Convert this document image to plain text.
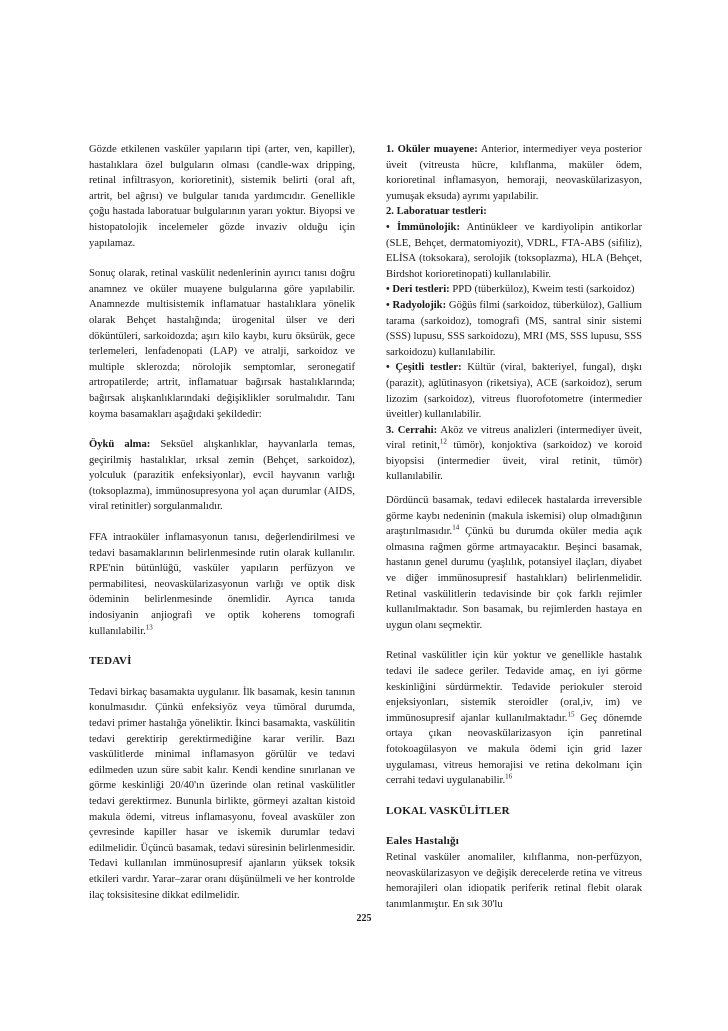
Gözde etkilenen vasküler yapıların tipi (arter, ven, kapiller), hastalıklara özel bulguların olması (candle-wax dripping, retinal infiltrasyon, korioretinit), sistemik belirti (oral aft, artrit, bel ağrısı) ve bulgular tanıda yardımcıdır. Genellikle çoğu hastada laboratuar bulgularının yararı yoktur. Biyopsi ve histopatolojik incelemeler gözde invaziv olduğu için yapılamaz.

Sonuç olarak, retinal vaskülit nedenlerinin ayırıcı tanısı doğru anamnez ve oküler muayene bulgularına göre yapılabilir. Anamnezde multisistemik inflamatuar hastalıklara yönelik olarak Behçet hastalığında; ürogenital ülser ve deri döküntüleri, sarkoidozda; aşırı kilo kaybı, kuru öksürük, gece terlemeleri, lenfadenopati (LAP) ve atralji, sarkoidoz ve multiple sklerozda; nörolojik semptomlar, seronegatif artropatilerde; artrit, inflamatuar bağırsak hastalıklarında; bağırsak alışkanlıklarındaki değişiklikler sorulmalıdır. Tanı koyma basamakları aşağıdaki şekildedir:

Öykü alma: Seksüel alışkanlıklar, hayvanlarla temas, geçirilmiş hastalıklar, ırksal zemin (Behçet, sarkoidoz), yolculuk (parazitik enfeksiyonlar), evcil hayvanın varlığı (toksoplazma), immünosupresyona yol açan durumlar (AIDS, viral retinitler) sorgulanmalıdır.

FFA intraoküler inflamasyonun tanısı, değerlendirilmesi ve tedavi basamaklarının belirlenmesinde rutin olarak kullanılır. RPE'nin bütünlüğü, vasküler yapıların perfüzyon ve permabilitesi, neovaskülarizasyonun varlığı ve optik disk ödeminin belirlenmesinde önemlidir. Ayrıca tanıda indosiyanin anjiografi ve optik koherens tomografi kullanılabilir.$^{13}$

TEDAVİ

Tedavi birkaç basamakta uygulanır. İlk basamak, kesin tanının konulmasıdır. Çünkü enfeksiyöz veya tümöral durumda, tedavi primer hastalığa yöneliktir. İkinci basamakta, vaskülitin tedavi gerektirip gerektirmediğine karar verilir. Bazı vaskülitlerde minimal inflamasyon görülür ve tedavi edilmeden uzun süre sabit kalır. Kendi kendine sınırlanan ve görme keskinliği 20/40'ın üzerinde olan retinal vaskülitler tedavi gerektirmez. Bununla birlikte, görmeyi azaltan kistoid makula ödemi, vitreus inflamasyonu, foveal avasküler zon çevresinde kapiller hasar ve iskemik durumlar tedavi edilmelidir. Üçüncü basamak, tedavi süresinin belirlenmesidir. Tedavi kullanılan immünosupresif ajanların yüksek toksik etkileri vardır. Yarar–zarar oranı düşünülmeli ve her kontrolde ilaç toksisitesine dikkat edilmelidir.

1. Oküler muayene: Anterior, intermediyer veya posterior üveit (vitreusta hücre, kılıflanma, maküler ödem, korioretinal inflamasyon, hemoraji, neovaskülarizasyon, yumuşak eksuda) ayrımı yapılabilir.

2. Laboratuar testleri:

• İmmünolojik: Antinükleer ve kardiyolipin antikorlar (SLE, Behçet, dermatomiyozit), VDRL, FTA-ABS (sifiliz), ELİSA (toksokara), serolojik (toksoplazma), HLA (Behçet, Birdshot korioretinopati) kullanılabilir.

• Deri testleri: PPD (tüberküloz), Kweim testi (sarkoidoz)

• Radyolojik: Göğüs filmi (sarkoidoz, tüberküloz), Gallium tarama (sarkoidoz), tomografi (MS, santral sinir sistemi (SSS) lupusu, SSS sarkoidozu), MRI (MS, SSS lupusu, SSS sarkoidozu) kullanılabilir.

• Çeşitli testler: Kültür (viral, bakteriyel, fungal), dışkı (parazit), aglütinasyon (riketsiya), ACE (sarkoidoz), serum lizozim (sarkoidoz), vitreus fluorofotometre (intermedier üveitler) kullanılabilir.

3. Cerrahi: Aköz ve vitreus analizleri (intermediyer üveit, viral retinit,$^{12}$ tümör), konjoktiva (sarkoidoz) ve koroid biyopsisi (intermedier üveit, viral retinit, tümör) kullanılabilir.

Dördüncü basamak, tedavi edilecek hastalarda irreversible görme kaybı nedeninin (makula iskemisi) olup olmadığının araştırılmasıdır.$^{14}$ Çünkü bu durumda oküler media açık olmasına rağmen görme artmayacaktır. Beşinci basamak, hastanın genel durumu (yaşlılık, potansiyel ilaçları, diyabet ve diğer immünosupresif hastalıkları) belirlenmelidir. Retinal vaskülitlerin tedavisinde bir çok farklı rejimler kullanılmaktadır. Son basamak, bu rejimlerden hastaya en uygun olanı seçmektir.

Retinal vaskülitler için kür yoktur ve genellikle hastalık tedavi ile sadece geriler. Tedavide amaç, en iyi görme keskinliğini sürdürmektir. Tedavide periokuler steroid enjeksiyonları, sistemik steroidler (oral,iv, im) ve immünosupresif ajanlar kullanılmaktadır.$^{15}$ Geç dönemde ortaya çıkan neovaskülarizasyon için panretinal fotokoagülasyon ve makula ödemi için grid lazer uygulaması, vitreus hemorajisi ve retina dekolmanı için cerrahi tedavi uygulanabilir.$^{16}$

LOKAL VASKÜLİTLER

Eales Hastalığı

Retinal vasküler anomaliler, kılıflanma, non-perfüzyon, neovaskülarizasyon ve değişik derecelerde retina ve vitreus hemorajileri olan idiopatik periferik retinal flebit olarak tanımlanmıştır. En sık 30'lu

225
